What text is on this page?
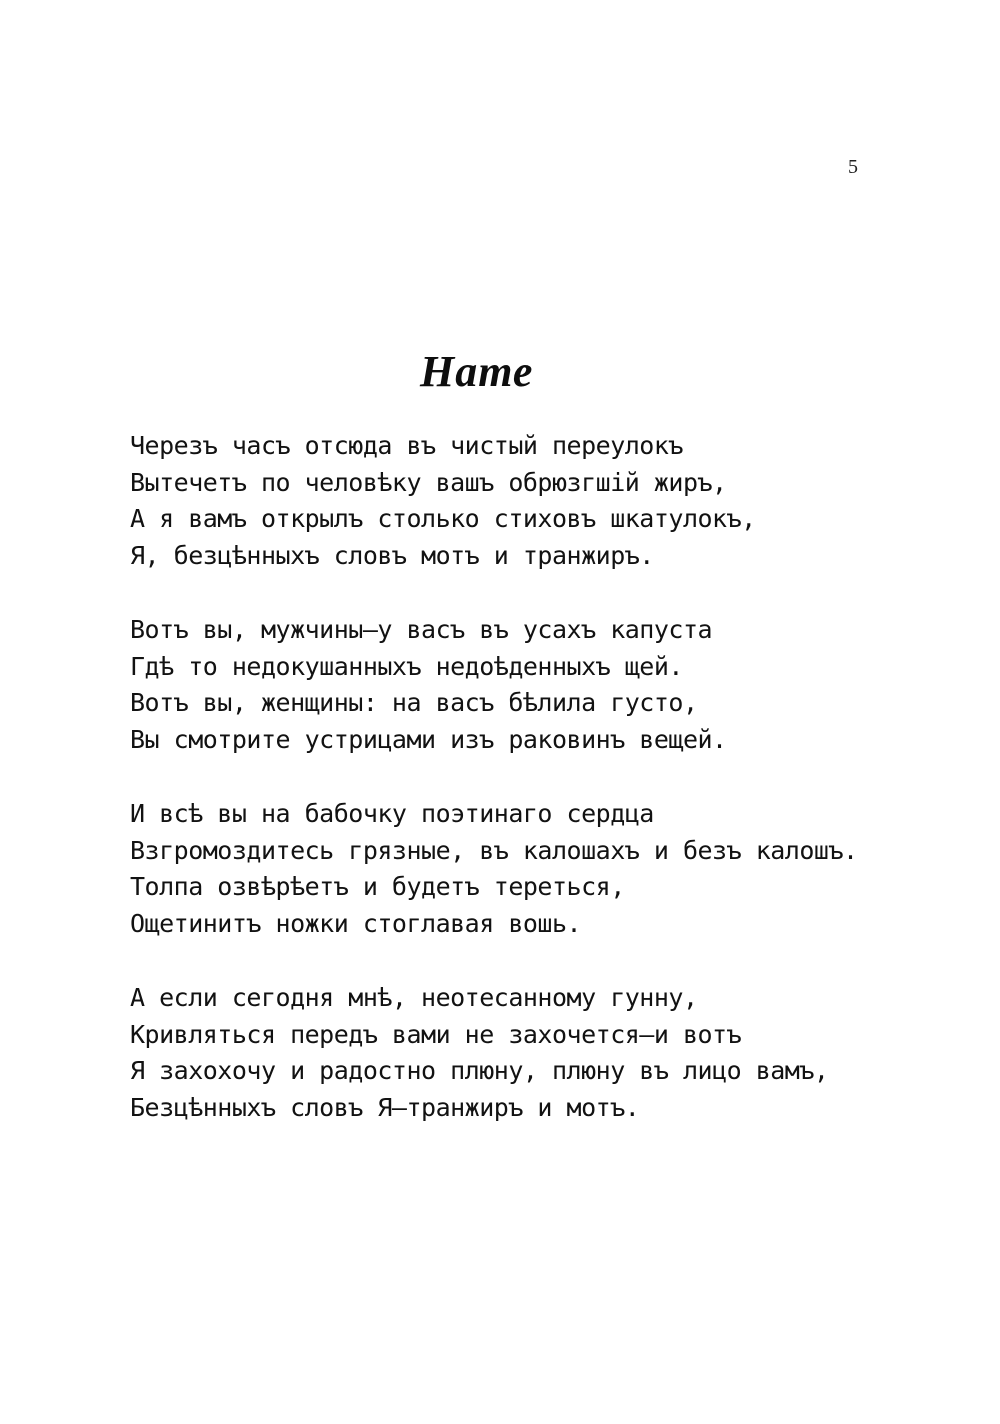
5
Нате
Черезъ часъ отсюда въ чистый переулокъ
Вытечетъ по человѣку вашъ обрюзгшiй жиръ,
А я вамъ открылъ столько стиховъ шкатулокъ,
Я, безцѣнныхъ словъ мотъ и транжиръ.
Вотъ вы, мужчины—у васъ въ усахъ капуста
Гдѣ то недокушанныхъ недоѣденныхъ щей.
Вотъ вы, женщины: на васъ бѣлила густо,
Вы смотрите устрицами изъ раковинъ вещей.
И всѣ вы на бабочку поэтинаго сердца
Взгромоздитесь грязные, въ калошахъ и безъ калошъ.
Толпа озвѣрѣетъ и будетъ тереться,
Ощетинитъ ножки стоглавая вошь.
А если сегодня мнѣ, неотесанному гунну,
Кривляться передъ вами не захочется—и вотъ
Я захохочу и радостно плюну, плюну въ лицо вамъ,
Безцѣнныхъ словъ Я—транжиръ и мотъ.
